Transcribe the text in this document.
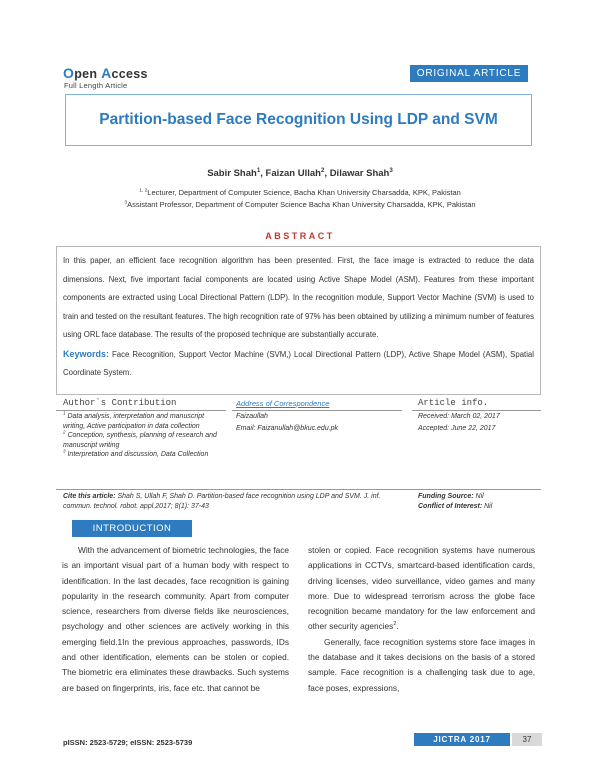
Open Access
Full Length Article
ORIGINAL ARTICLE
Partition-based Face Recognition Using LDP and SVM
Sabir Shah$^1$, Faizan Ullah$^2$, Dilawar Shah$^3$
$^{1, 2}$Lecturer, Department of Computer Science, Bacha Khan University Charsadda, KPK, Pakistan
$^3$Assistant Professor, Department of Computer Science Bacha Khan University Charsadda, KPK, Pakistan
ABSTRACT

In this paper, an efficient face recognition algorithm has been presented. First, the face image is extracted to reduce the data dimensions. Next, five important facial components are located using Active Shape Model (ASM). Features from these important components are extracted using Local Directional Pattern (LDP). In the recognition module, Support Vector Machine (SVM) is used to train and tested on the resultant features. The high recognition rate of 97% has been obtained by utilizing a minimum number of features using ORL face database. The results of the proposed technique are substantially accurate.

Keywords: Face Recognition, Support Vector Machine (SVM,) Local Directional Pattern (LDP), Active Shape Model (ASM), Spatial Coordinate System.

Author`s Contribution
$^1$ Data analysis, interpretation and manuscript writing, Active participation in data collection
$^2$ Conception, synthesis, planning of research and manuscript writing
$^3$ Interpretation and discussion, Data Collection
Address of Correspondence
Faizaullah
Email: Faizanullah@bkuc.edu.pk
Article info.
Received: March 02, 2017
Accepted: June 22, 2017
Cite this article: Shah S, Ullah F, Shah D. Partition-based face recognition using LDP and SVM. J. inf. commun. technol. robot. appl.2017; 8(1): 37-43
Funding Source: Nil
Conflict of Interest: Nil
INTRODUCTION

With the advancement of biometric technologies, the face is an important visual part of a human body with respect to identification. In the last decades, face recognition is gaining popularity in the research community. Apart from computer science, researchers from diverse fields like neurosciences, psychology and other sciences are actively working in this emerging field.1In the previous approaches, passwords, IDs and other identification, elements can be stolen or copied. The biometric era eliminates these drawbacks. Such systems are based on fingerprints, iris, face etc. that cannot be

stolen or copied. Face recognition systems have numerous applications in CCTVs, smartcard-based identification cards, driving licenses, video surveillance, video games and many more. Due to widespread terrorism across the globe face recognition became mandatory for the law enforcement and other security agencies$^2$.

Generally, face recognition systems store face images in the database and it takes decisions on the basis of a stored sample. Face recognition is a challenging task due to age, face poses, expressions,

pISSN: 2523-5729; eISSN: 2523-5739	JICTRA 2017	37
